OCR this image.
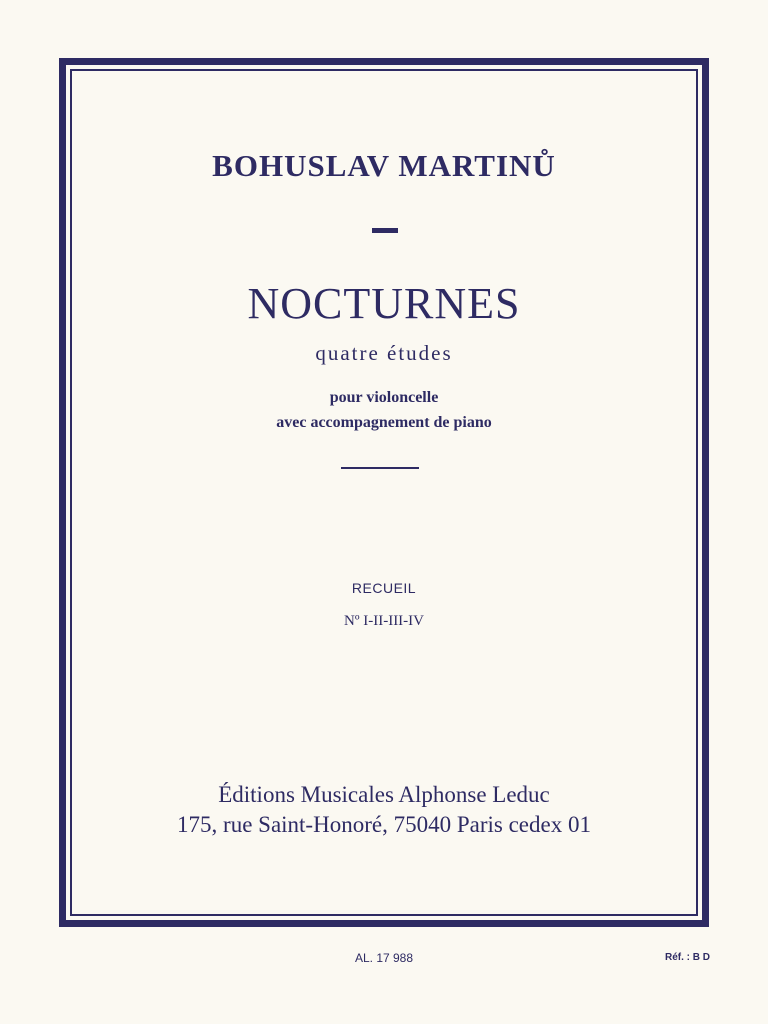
BOHUSLAV MARTINŮ
NOCTURNES
quatre études
pour violoncelle
avec accompagnement de piano
RECUEIL
Nº I-II-III-IV
Éditions Musicales Alphonse Leduc
175, rue Saint-Honoré, 75040 Paris cedex 01
AL. 17 988	Réf. : B D
